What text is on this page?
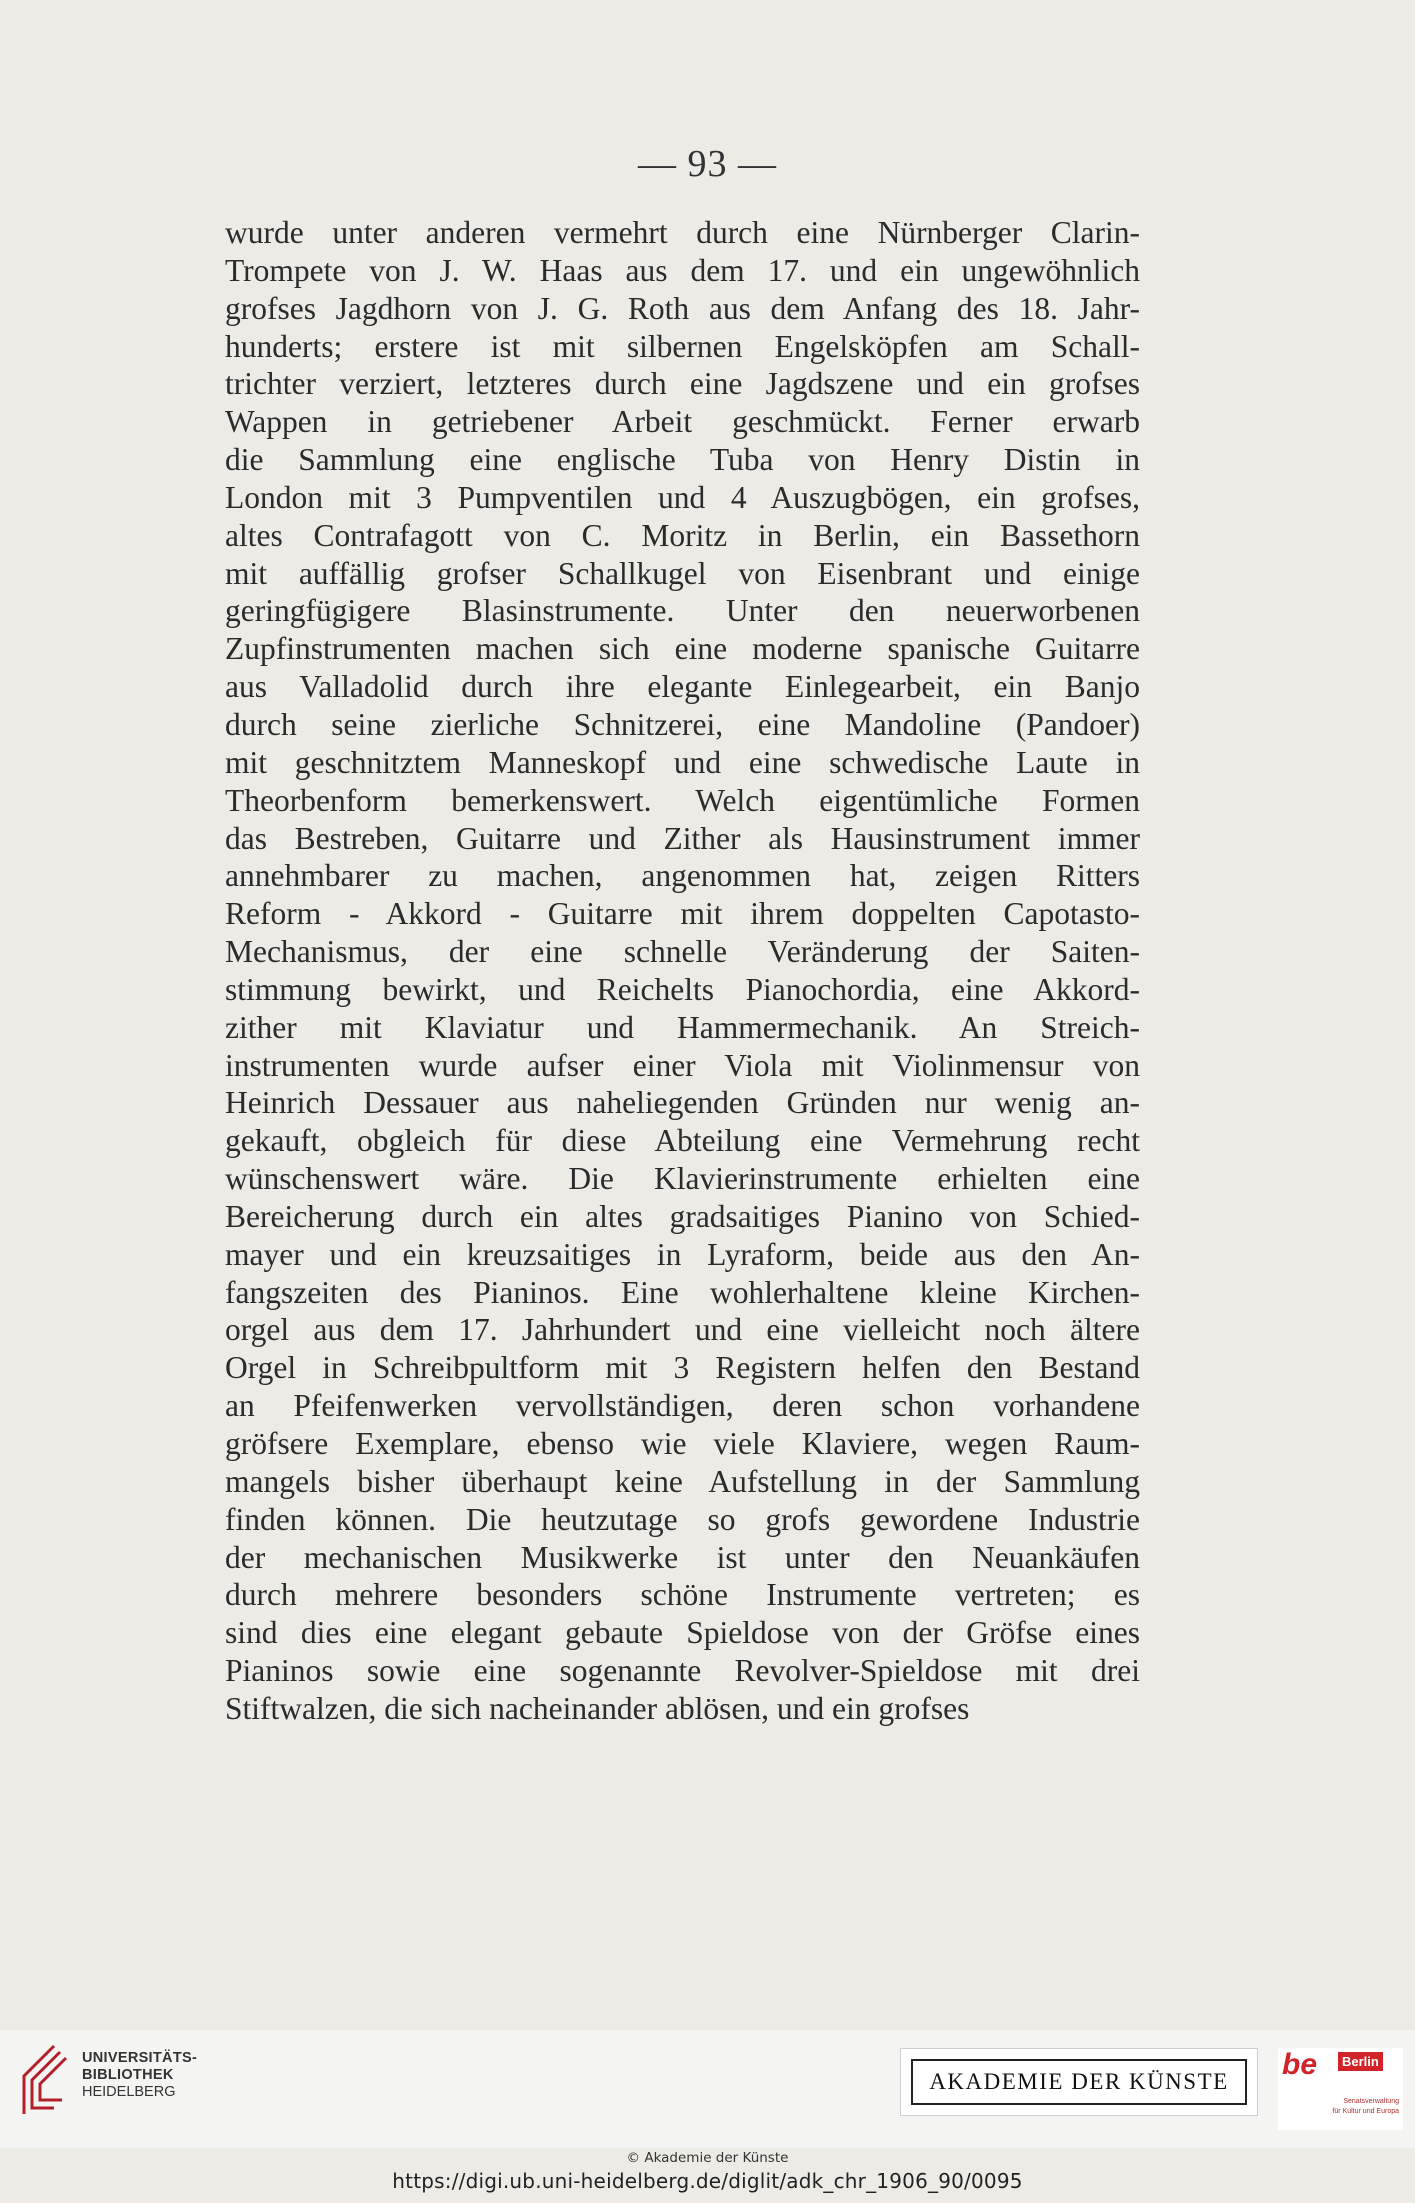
— 93 —
wurde unter anderen vermehrt durch eine Nürnberger Clarin-
Trompete von J. W. Haas aus dem 17. und ein ungewöhnlich
grofses Jagdhorn von J. G. Roth aus dem Anfang des 18. Jahr-
hunderts; erstere ist mit silbernen Engelsköpfen am Schall-
trichter verziert, letzteres durch eine Jagdszene und ein grofses
Wappen in getriebener Arbeit geschmückt. Ferner erwarb
die Sammlung eine englische Tuba von Henry Distin in
London mit 3 Pumpventilen und 4 Auszugbögen, ein grofses,
altes Contrafagott von C. Moritz in Berlin, ein Bassethorn
mit auffällig grofser Schallkugel von Eisenbrant und einige
geringfügigere Blasinstrumente. Unter den neuerworbenen
Zupfinstrumenten machen sich eine moderne spanische Guitarre
aus Valladolid durch ihre elegante Einlegearbeit, ein Banjo
durch seine zierliche Schnitzerei, eine Mandoline (Pandoer)
mit geschnitztem Manneskopf und eine schwedische Laute in
Theorbenform bemerkenswert. Welch eigentümliche Formen
das Bestreben, Guitarre und Zither als Hausinstrument immer
annehmbarer zu machen, angenommen hat, zeigen Ritters
Reform - Akkord - Guitarre mit ihrem doppelten Capotasto-
Mechanismus, der eine schnelle Veränderung der Saiten-
stimmung bewirkt, und Reichelts Pianochordia, eine Akkord-
zither mit Klaviatur und Hammermechanik. An Streich-
instrumenten wurde aufser einer Viola mit Violinmensur von
Heinrich Dessauer aus naheliegenden Gründen nur wenig an-
gekauft, obgleich für diese Abteilung eine Vermehrung recht
wünschenswert wäre. Die Klavierinstrumente erhielten eine
Bereicherung durch ein altes gradsaitiges Pianino von Schied-
mayer und ein kreuzsaitiges in Lyraform, beide aus den An-
fangszeiten des Pianinos. Eine wohlerhaltene kleine Kirchen-
orgel aus dem 17. Jahrhundert und eine vielleicht noch ältere
Orgel in Schreibpultform mit 3 Registern helfen den Bestand
an Pfeifenwerken vervollständigen, deren schon vorhandene
gröfsere Exemplare, ebenso wie viele Klaviere, wegen Raum-
mangels bisher überhaupt keine Aufstellung in der Sammlung
finden können. Die heutzutage so grofs gewordene Industrie
der mechanischen Musikwerke ist unter den Neuankäufen
durch mehrere besonders schöne Instrumente vertreten; es
sind dies eine elegant gebaute Spieldose von der Gröfse eines
Pianinos sowie eine sogenannte Revolver-Spieldose mit drei
Stiftwalzen, die sich nacheinander ablösen, und ein grofses
UNIVERSITÄTS-
BIBLIOTHEK
HEIDELBERG	AKADEMIE DER KÜNSTE
be	Berlin
Senatsverwaltung
für Kultur und Europa
© Akademie der Künste
https://digi.ub.uni-heidelberg.de/diglit/adk_chr_1906_90/0095
